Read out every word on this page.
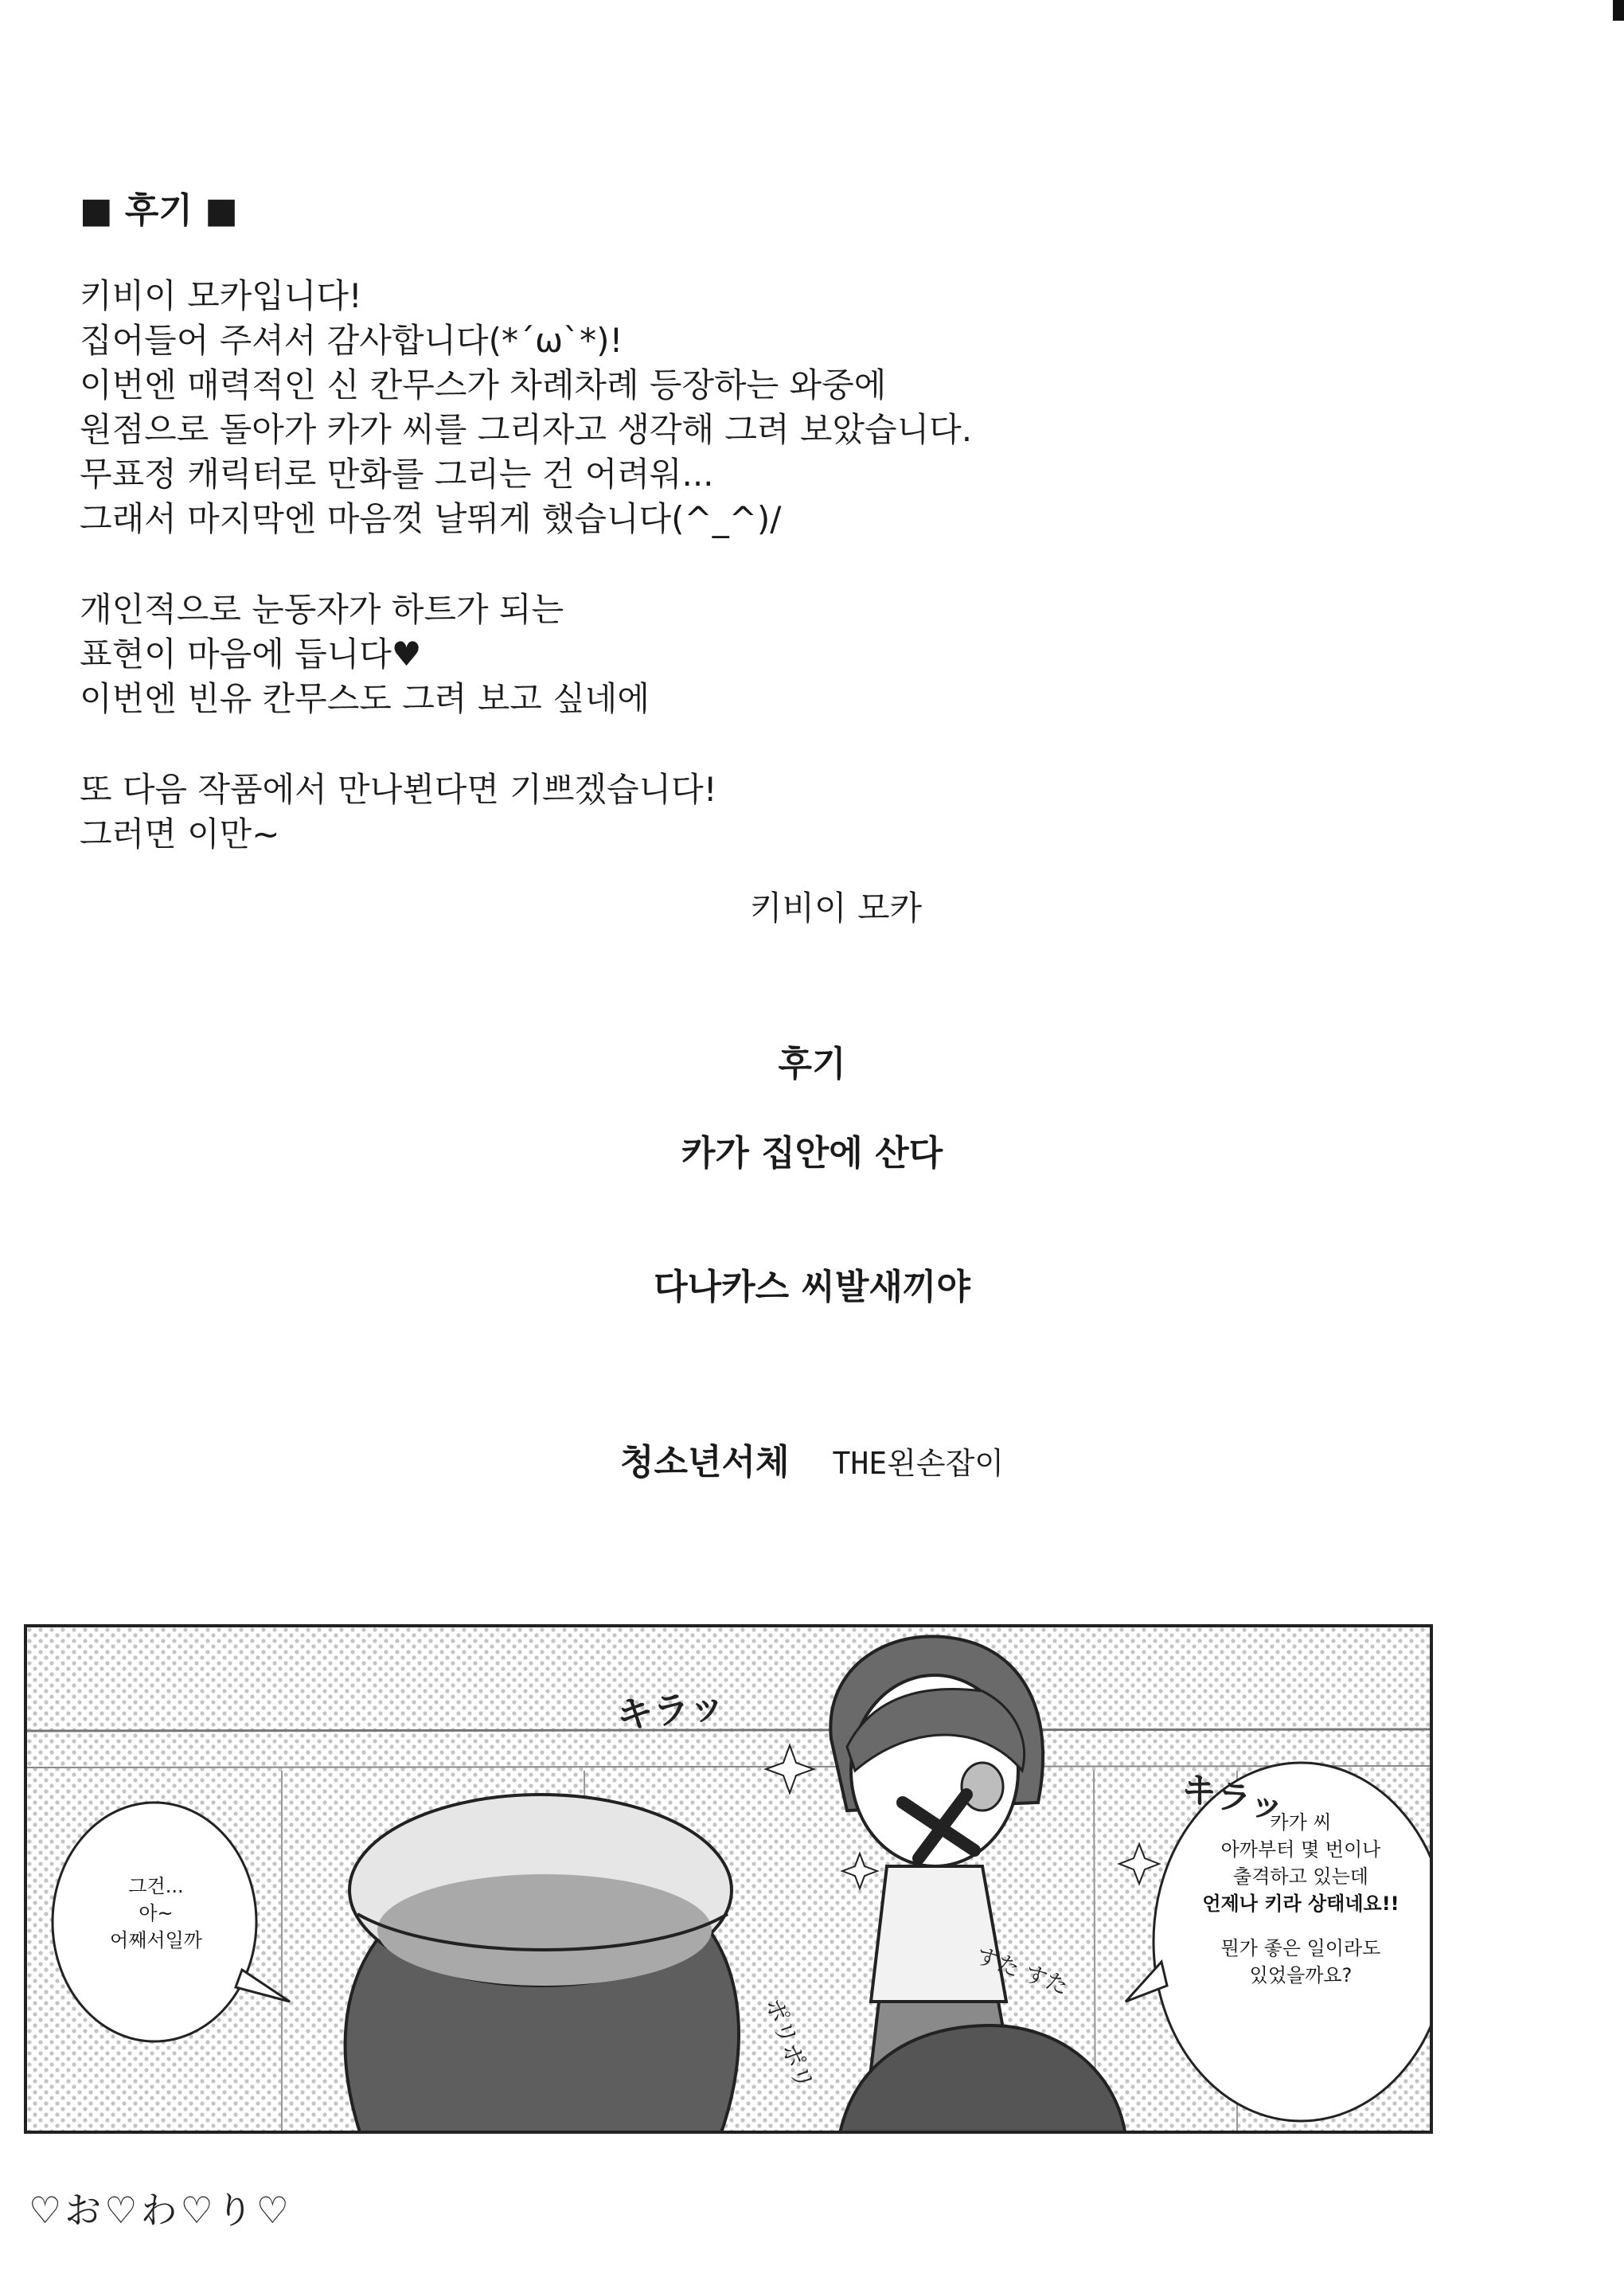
■ 후기 ■
키비이 모카입니다!
집어들어 주셔서 감사합니다(*´ω`*)!
이번엔 매력적인 신 칸무스가 차례차례 등장하는 와중에
원점으로 돌아가 카가 씨를 그리자고 생각해 그려 보았습니다.
무표정 캐릭터로 만화를 그리는 건 어려워...
그래서 마지막엔 마음껏 날뛰게 했습니다(^_^)/
개인적으로 눈동자가 하트가 되는
표현이 마음에 듭니다♥
이번엔 빈유 칸무스도 그려 보고 싶네에
또 다음 작품에서 만나뵌다면 기쁘겠습니다!
그러면 이만~
키비이 모카
후기
카가 집안에 산다
다나카스 씨발새끼야
청소년서체 THE왼손잡이
그건...
아~
어째서일까
카가 씨
아까부터 몇 번이나
출격하고 있는데
언제나 키라 상태네요!!
뭔가 좋은 일이라도
있었을까요?
キラッ
キラッ
すた すた
ポリポリ
♡お♡わ♡り♡
